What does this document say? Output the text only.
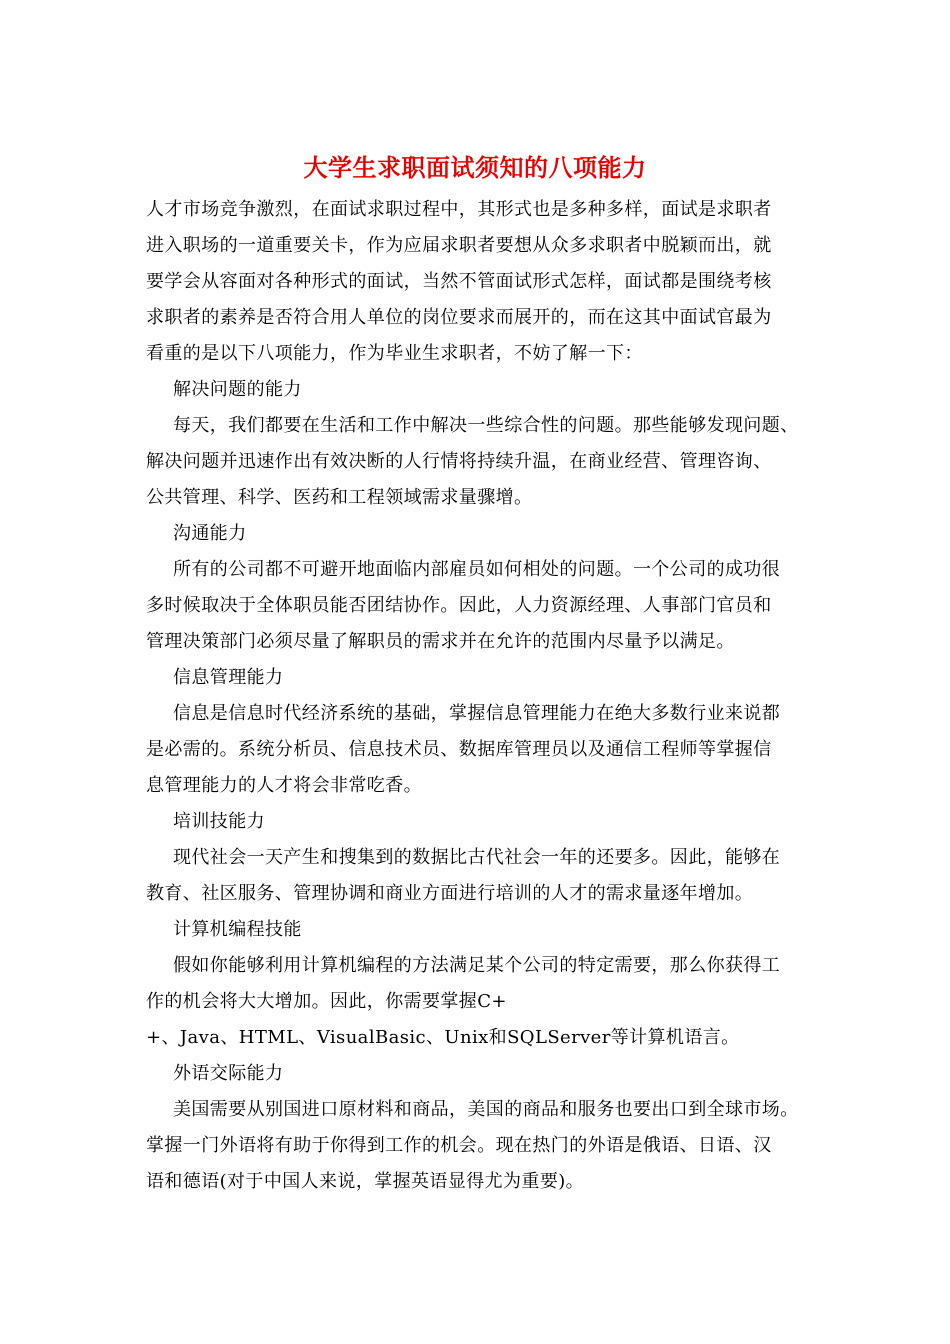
大学生求职面试须知的八项能力
人才市场竞争激烈，在面试求职过程中，其形式也是多种多样，面试是求职者
进入职场的一道重要关卡，作为应届求职者要想从众多求职者中脱颖而出，就
要学会从容面对各种形式的面试，当然不管面试形式怎样，面试都是围绕考核
求职者的素养是否符合用人单位的岗位要求而展开的，而在这其中面试官最为
看重的是以下八项能力，作为毕业生求职者，不妨了解一下：
解决问题的能力
每天，我们都要在生活和工作中解决一些综合性的问题。那些能够发现问题、
解决问题并迅速作出有效决断的人行情将持续升温，在商业经营、管理咨询、
公共管理、科学、医药和工程领域需求量骤增。
沟通能力
所有的公司都不可避开地面临内部雇员如何相处的问题。一个公司的成功很
多时候取决于全体职员能否团结协作。因此，人力资源经理、人事部门官员和
管理决策部门必须尽量了解职员的需求并在允许的范围内尽量予以满足。
信息管理能力
信息是信息时代经济系统的基础，掌握信息管理能力在绝大多数行业来说都
是必需的。系统分析员、信息技术员、数据库管理员以及通信工程师等掌握信
息管理能力的人才将会非常吃香。
培训技能力
现代社会一天产生和搜集到的数据比古代社会一年的还要多。因此，能够在
教育、社区服务、管理协调和商业方面进行培训的人才的需求量逐年增加。
计算机编程技能
假如你能够利用计算机编程的方法满足某个公司的特定需要，那么你获得工
作的机会将大大增加。因此，你需要掌握C+
+、Java、HTML、VisualBasic、Unix和SQLServer等计算机语言。
外语交际能力
美国需要从别国进口原材料和商品，美国的商品和服务也要出口到全球市场。
掌握一门外语将有助于你得到工作的机会。现在热门的外语是俄语、日语、汉
语和德语(对于中国人来说，掌握英语显得尤为重要)。
